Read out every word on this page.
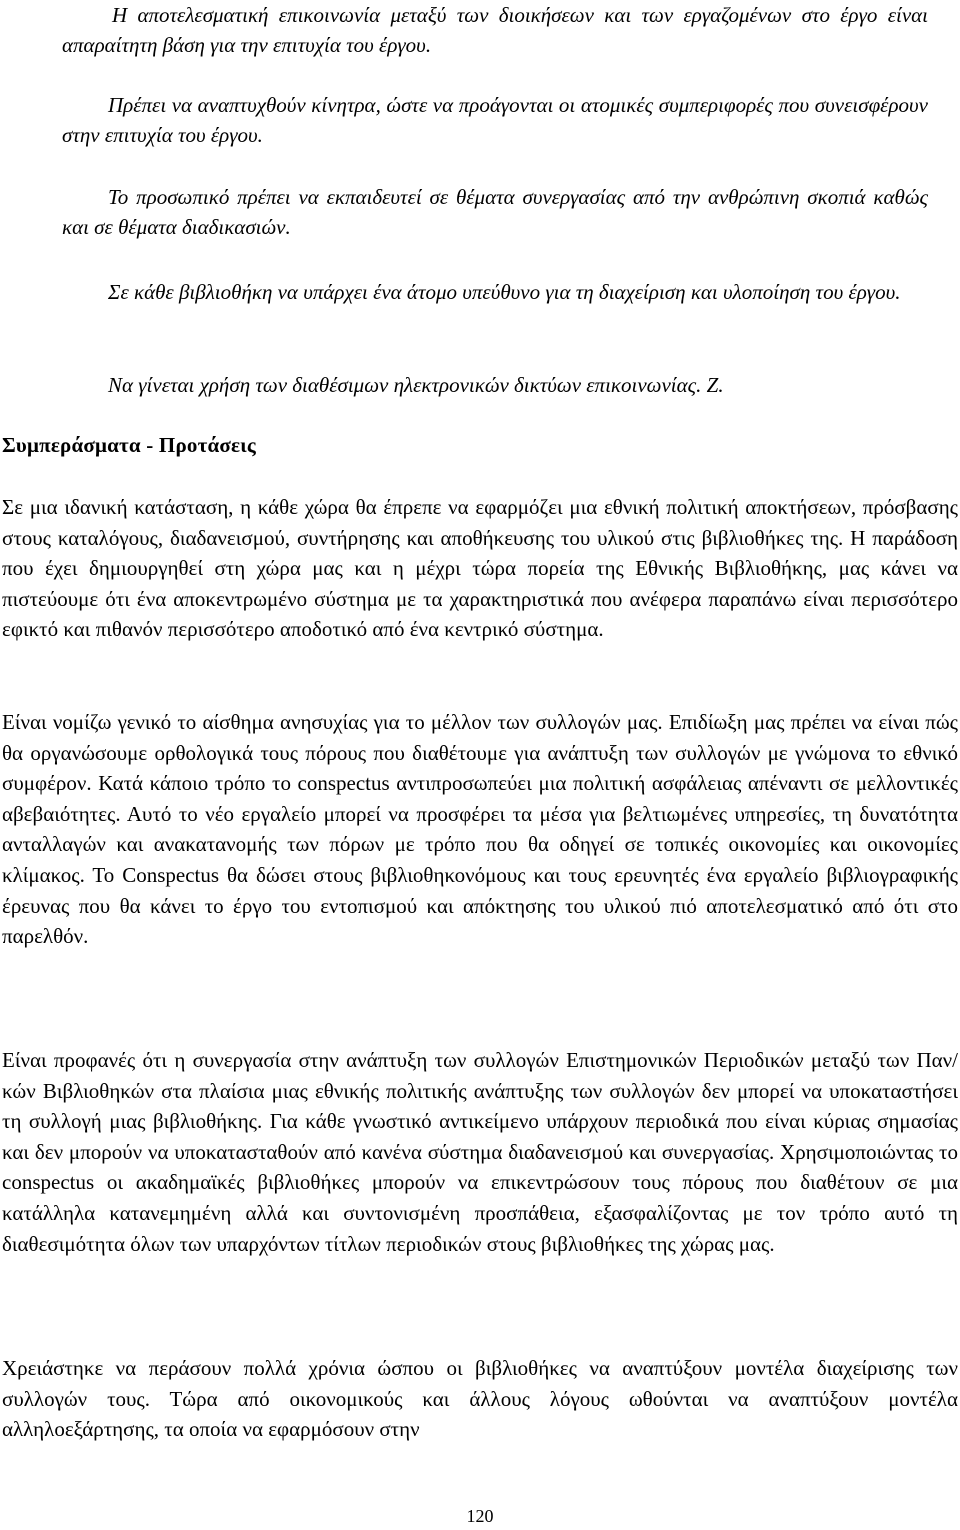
Η αποτελεσματική επικοινωνία μεταξύ των διοικήσεων και των εργαζομένων στο έργο είναι απαραίτητη βάση για την επιτυχία του έργου.

Πρέπει να αναπτυχθούν κίνητρα, ώστε να προάγονται οι ατομικές συμπεριφορές που συνεισφέρουν στην επιτυχία του έργου.

Το προσωπικό πρέπει να εκπαιδευτεί σε θέματα συνεργασίας από την ανθρώπινη σκοπιά καθώς και σε θέματα διαδικασιών.

Σε κάθε βιβλιοθήκη να υπάρχει ένα άτομο υπεύθυνο για τη διαχείριση και υλοποίηση του έργου.

Να γίνεται χρήση των διαθέσιμων ηλεκτρονικών δικτύων επικοινωνίας. Ζ.

Συμπεράσματα - Προτάσεις

Σε μια ιδανική κατάσταση, η κάθε χώρα θα έπρεπε να εφαρμόζει μια εθνική πολιτική αποκτήσεων, πρόσβασης στους καταλόγους, διαδανεισμού, συντήρησης και αποθήκευσης του υλικού στις βιβλιοθήκες της. Η παράδοση που έχει δημιουργηθεί στη χώρα μας και η μέχρι τώρα πορεία της Εθνικής Βιβλιοθήκης, μας κάνει να πιστεύουμε ότι ένα αποκεντρωμένο σύστημα με τα χαρακτηριστικά που ανέφερα παραπάνω είναι περισσότερο εφικτό και πιθανόν περισσότερο αποδοτικό από ένα κεντρικό σύστημα.

Είναι νομίζω γενικό το αίσθημα ανησυχίας για το μέλλον των συλλογών μας. Επιδίωξη μας πρέπει να είναι πώς θα οργανώσουμε ορθολογικά τους πόρους που διαθέτουμε για ανάπτυξη των συλλογών με γνώμονα το εθνικό συμφέρον. Κατά κάποιο τρόπο το conspectus αντιπροσωπεύει μια πολιτική ασφάλειας απέναντι σε μελλοντικές αβεβαιότητες. Αυτό το νέο εργαλείο μπορεί να προσφέρει τα μέσα για βελτιωμένες υπηρεσίες, τη δυνατότητα ανταλλαγών και ανακατανομής των πόρων με τρόπο που θα οδηγεί σε τοπικές οικονομίες και οικονομίες κλίμακος. Το Conspectus θα δώσει στους βιβλιοθηκονόμους και τους ερευνητές ένα εργαλείο βιβλιογραφικής έρευνας που θα κάνει το έργο του εντοπισμού και απόκτησης του υλικού πιό αποτελεσματικό από ότι στο παρελθόν.

Είναι προφανές ότι η συνεργασία στην ανάπτυξη των συλλογών Επιστημονικών Περιοδικών μεταξύ των Παν/κών Βιβλιοθηκών στα πλαίσια μιας εθνικής πολιτικής ανάπτυξης των συλλογών δεν μπορεί να υποκαταστήσει τη συλλογή μιας βιβλιοθήκης. Για κάθε γνωστικό αντικείμενο υπάρχουν περιοδικά που είναι κύριας σημασίας και δεν μπορούν να υποκατασταθούν από κανένα σύστημα διαδανεισμού και συνεργασίας. Χρησιμοποιώντας το conspectus οι ακαδημαϊκές βιβλιοθήκες μπορούν να επικεντρώσουν τους πόρους που διαθέτουν σε μια κατάλληλα κατανεμημένη αλλά και συντονισμένη προσπάθεια, εξασφαλίζοντας με τον τρόπο αυτό τη διαθεσιμότητα όλων των υπαρχόντων τίτλων περιοδικών στους βιβλιοθήκες της χώρας μας.

Χρειάστηκε να περάσουν πολλά χρόνια ώσπου οι βιβλιοθήκες να αναπτύξουν μοντέλα διαχείρισης των συλλογών τους. Τώρα από οικονομικούς και άλλους λόγους ωθούνται να αναπτύξουν μοντέλα αλληλοεξάρτησης, τα οποία να εφαρμόσουν στην

120
